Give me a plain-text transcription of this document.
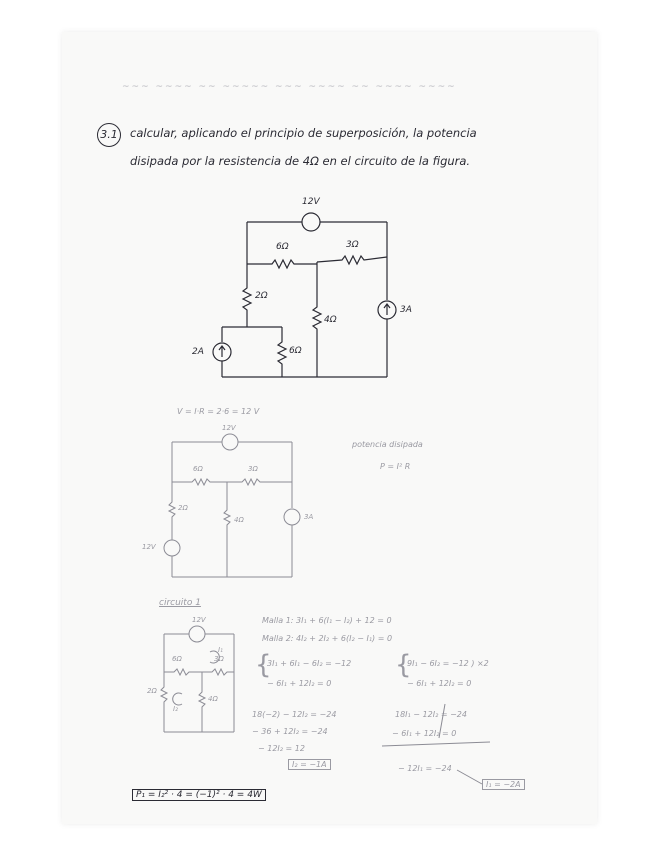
~~~ ~~~~ ~~ ~~~~~ ~~~ ~~~~ ~~ ~~~~ ~~~~
3.1 calcular, aplicando el principio de superposición, la potencia
disipada por la resistencia de 4Ω en el circuito de la figura.
12V
6Ω	3Ω
2Ω
4Ω
6Ω
2A
3A
V = I·R = 2·6 = 12 V
12V
6Ω	3Ω
2Ω
4Ω	3A
12V
potencia disipada
P = I² R
circuito 1
12V
6Ω	3Ω
2Ω
4Ω
I₁
I₂
Malla 1: 3I₁ + 6(I₁ − I₂) + 12 = 0
Malla 2: 4I₂ + 2I₂ + 6(I₂ − I₁) = 0
{
3I₁ + 6I₁ − 6I₂ = −12
− 6I₁ + 12I₂ = 0
{
9I₁ − 6I₂ = −12 ) ×2
− 6I₁ + 12I₂ = 0
18(−2) − 12I₂ = −24
− 36 + 12I₂ = −24
− 12I₂ = 12
I₂ = −1A
18I₁ − 12I₂ = −24
− 6I₁ + 12I₂ = 0
− 12I₁ = −24
I₁ = −2A
P₁ = I₂² · 4 = (−1)² · 4 = 4W
